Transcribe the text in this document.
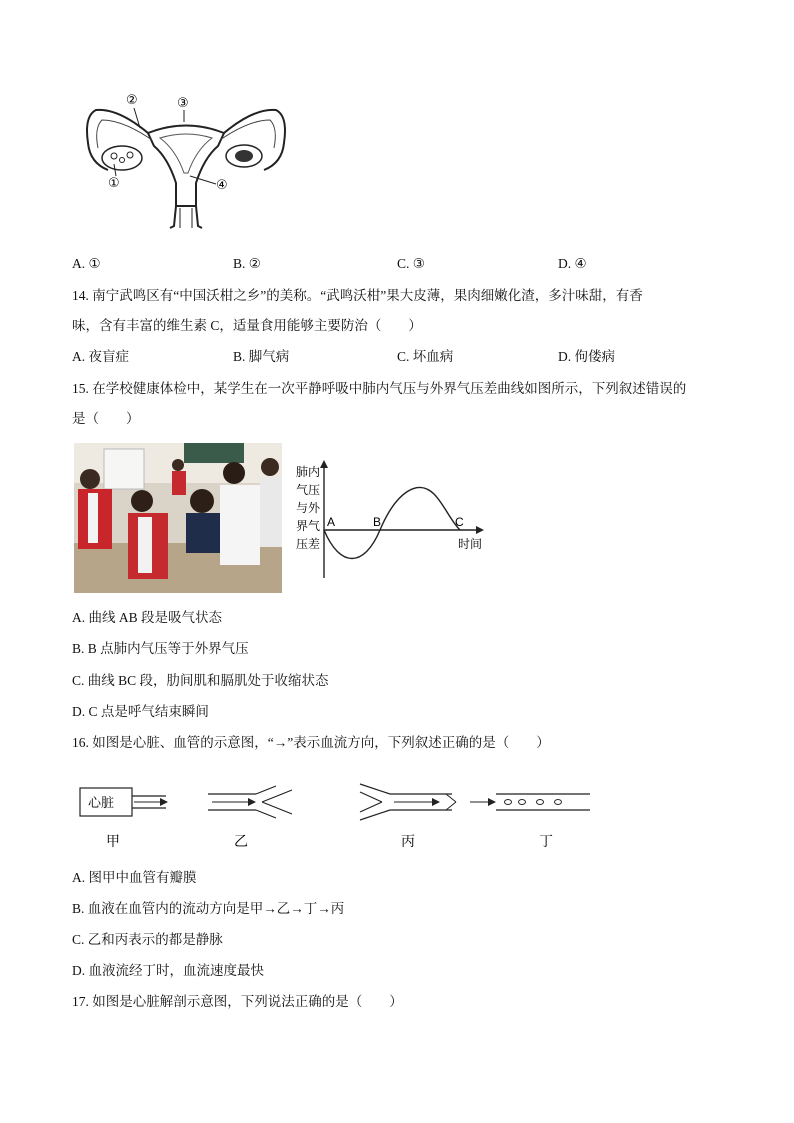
②	③
①	④
A. ①	B. ②	C. ③	D. ④
14. 南宁武鸣区有“中国沃柑之乡”的美称。“武鸣沃柑”果大皮薄，果肉细嫩化渣，多汁味甜，有香
味，含有丰富的维生素 C，适量食用能够主要防治（　　）
A. 夜盲症	B. 脚气病	C. 坏血病	D. 佝偻病
15. 在学校健康体检中，某学生在一次平静呼吸中肺内气压与外界气压差曲线如图所示，下列叙述错误的
是（　　）
肺内
气压
与外
界气
压差
A	B	C
时间
A. 曲线 AB 段是吸气状态
B. B 点肺内气压等于外界气压
C. 曲线 BC 段，肋间肌和膈肌处于收缩状态
D. C 点是呼气结束瞬间
16. 如图是心脏、血管的示意图，“→”表示血流方向，下列叙述正确的是（　　）
心脏
甲	乙	丙	丁
A. 图甲中血管有瓣膜
B. 血液在血管内的流动方向是甲→乙→丁→丙
C. 乙和丙表示的都是静脉
D. 血液流经丁时，血流速度最快
17. 如图是心脏解剖示意图，下列说法正确的是（　　）
